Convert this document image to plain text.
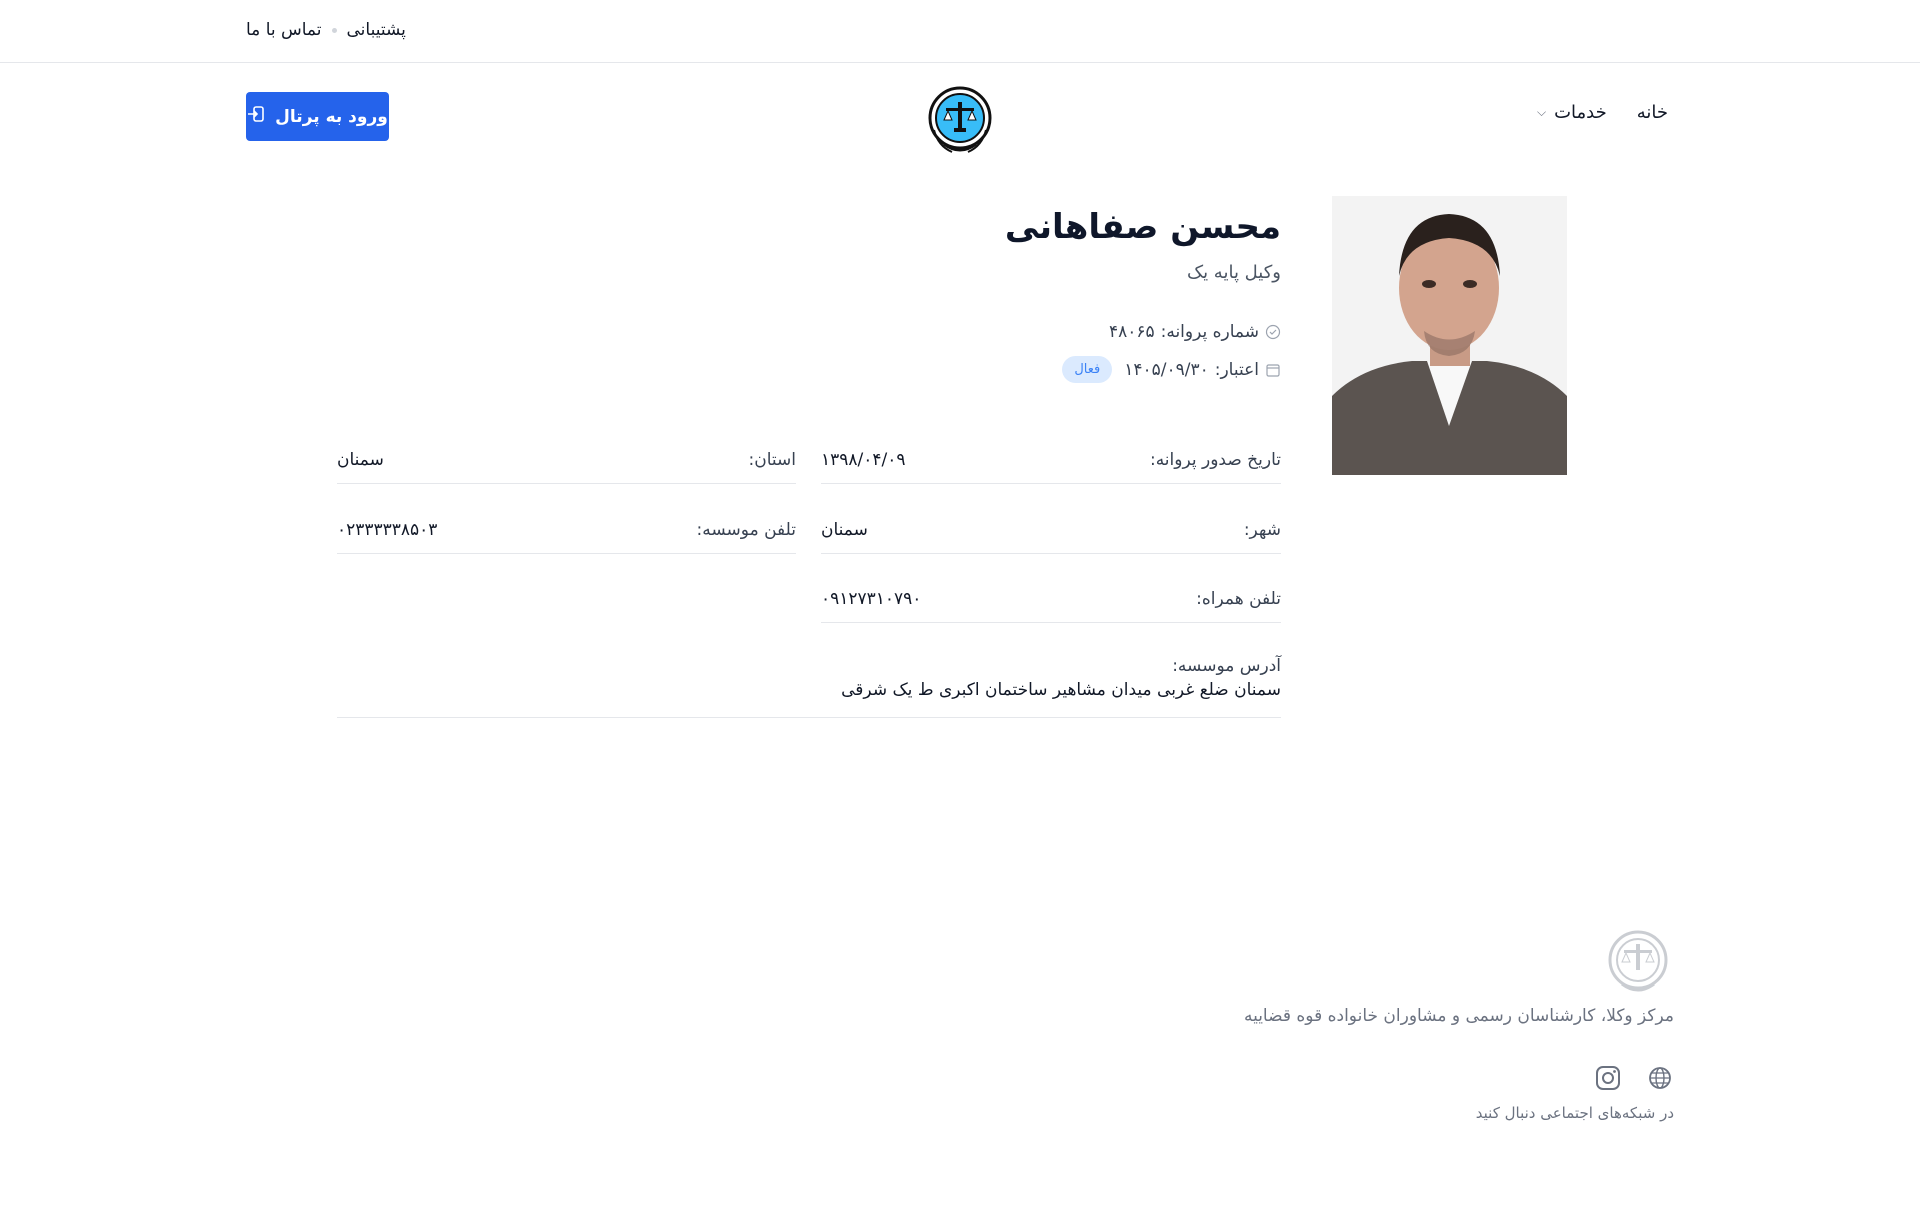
پشتیبانی
تماس با ما
خانه
خدمات
⌵
ورود به پرتال
محسن صفاهانی
وکیل پایه یک
شماره پروانه:
۴۸۰۶۵
اعتبار:
۱۴۰۵/۰۹/۳۰
فعال
تاریخ صدور پروانه:
۱۳۹۸/۰۴/۰۹
استان:
سمنان
شهر:
سمنان
تلفن موسسه:
۰۲۳۳۳۳۳۸۵۰۳
تلفن همراه:
۰۹۱۲۷۳۱۰۷۹۰
آدرس موسسه:
سمنان ضلع غربی میدان مشاهیر ساختمان اکبری ط یک شرقی
مرکز وکلا، کارشناسان رسمی و مشاوران خانواده قوه قضاییه
در شبکه‌های اجتماعی دنبال کنید
